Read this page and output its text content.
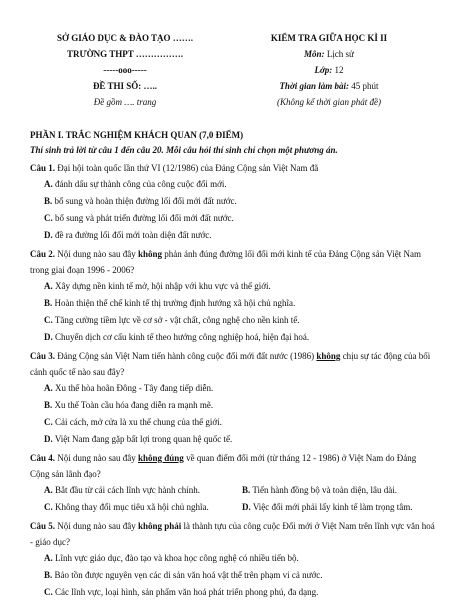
SỞ GIÁO DỤC & ĐÀO TẠO …….
TRƯỜNG THPT …………….
-----ooo-----
ĐỀ THI SỐ: …..
Đề gồm …. trang
KIỂM TRA GIỮA HỌC KÌ II
Môn: Lịch sử
Lớp: 12
Thời gian làm bài: 45 phút
(Không kể thời gian phát đề)
PHẦN I. TRẮC NGHIỆM KHÁCH QUAN (7,0 ĐIỂM)
Thí sinh trả lời từ câu 1 đến câu 20. Mỗi câu hỏi thí sinh chỉ chọn một phương án.
Câu 1. Đại hội toàn quốc lần thứ VI (12/1986) của Đảng Cộng sản Việt Nam đã
A. đánh dấu sự thành công của công cuộc đổi mới.
B. bổ sung và hoàn thiện đường lối đổi mới đất nước.
C. bổ sung và phát triển đường lối đổi mới đất nước.
D. đề ra đường lối đổi mới toàn diện đất nước.
Câu 2. Nội dung nào sau đây không phản ánh đúng đường lối đổi mới kinh tế của Đảng Cộng sản Việt Nam trong giai đoạn 1996 - 2006?
A. Xây dựng nền kinh tế mở, hội nhập với khu vực và thế giới.
B. Hoàn thiện thể chế kinh tế thị trường định hướng xã hội chủ nghĩa.
C. Tăng cường tiềm lực về cơ sở - vật chất, công nghệ cho nền kinh tế.
D. Chuyển dịch cơ cấu kinh tế theo hướng công nghiệp hoá, hiện đại hoá.
Câu 3. Đảng Cộng sản Việt Nam tiến hành công cuộc đổi mới đất nước (1986) không chịu sự tác động của bối cảnh quốc tế nào sau đây?
A. Xu thế hòa hoãn Đông - Tây đang tiếp diễn.
B. Xu thế Toàn cầu hóa đang diễn ra mạnh mẽ.
C. Cải cách, mở cửa là xu thế chung của thế giới.
D. Việt Nam đang gặp bất lợi trong quan hệ quốc tế.
Câu 4. Nội dung nào sau đây không đúng về quan điểm đổi mới (từ tháng 12 - 1986) ở Việt Nam do Đảng Cộng sản lãnh đạo?
A. Bắt đầu từ cải cách lĩnh vực hành chính.	B. Tiến hành đồng bộ và toàn diện, lâu dài.
C. Không thay đổi mục tiêu xã hội chủ nghĩa.	D. Việc đổi mới phải lấy kinh tế làm trọng tâm.
Câu 5. Nội dung nào sau đây không phải là thành tựu của công cuộc Đổi mới ở Việt Nam trên lĩnh vực văn hoá - giáo dục?
A. Lĩnh vực giáo dục, đào tạo và khoa học công nghệ có nhiều tiến bộ.
B. Bảo tồn được nguyên vẹn các di sản văn hoá vật thể trên phạm vi cả nước.
C. Các lĩnh vực, loại hình, sản phẩm văn hoá phát triển phong phú, đa dạng.
